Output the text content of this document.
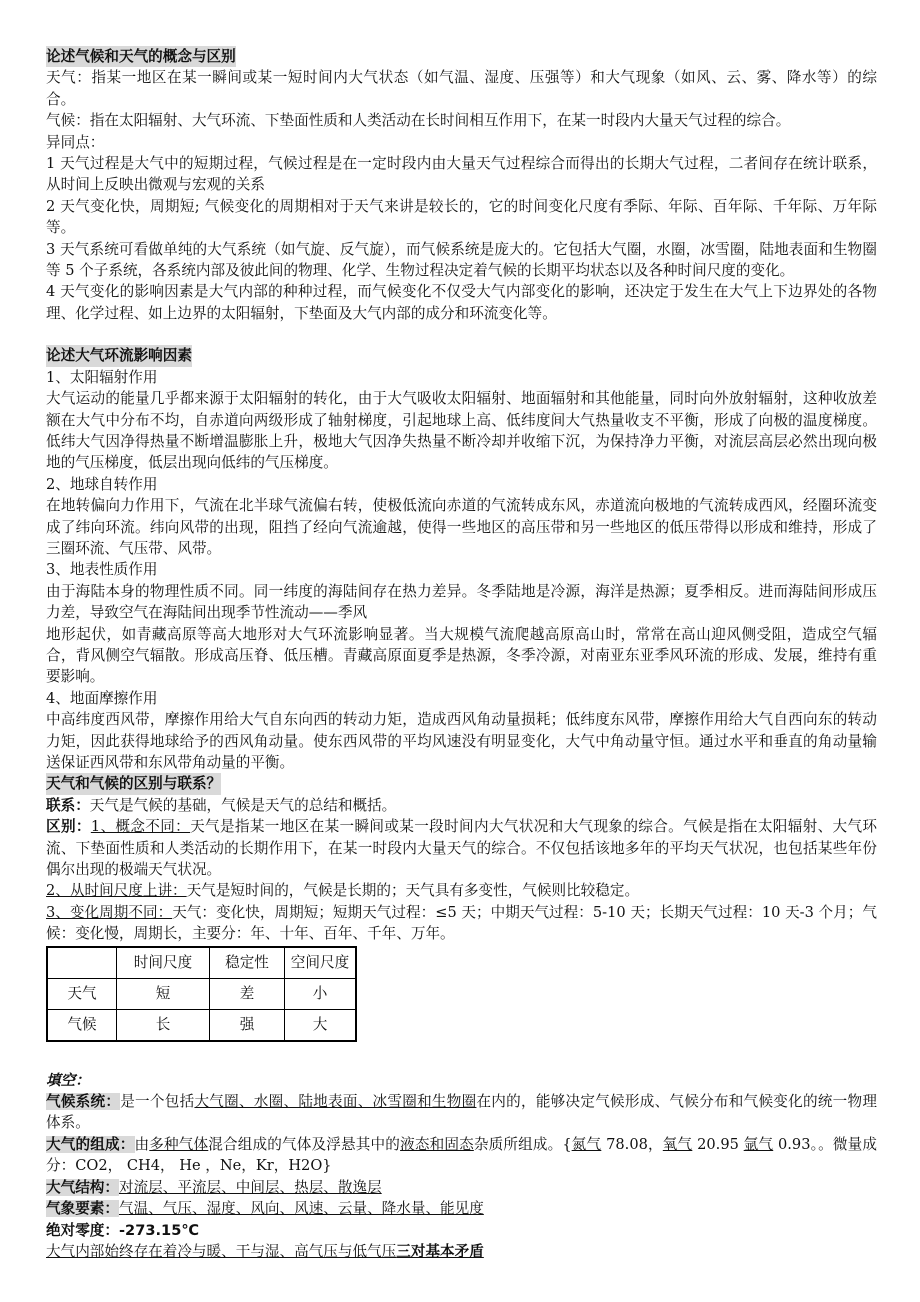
论述气候和天气的概念与区别

天气：指某一地区在某一瞬间或某一短时间内大气状态（如气温、湿度、压强等）和大气现象（如风、云、雾、降水等）的综合。

气候：指在太阳辐射、大气环流、下垫面性质和人类活动在长时间相互作用下，在某一时段内大量天气过程的综合。

异同点：

1 天气过程是大气中的短期过程，气候过程是在一定时段内由大量天气过程综合而得出的长期大气过程，二者间存在统计联系，从时间上反映出微观与宏观的关系

2 天气变化快，周期短; 气候变化的周期相对于天气来讲是较长的，它的时间变化尺度有季际、年际、百年际、千年际、万年际等。

3 天气系统可看做单纯的大气系统（如气旋、反气旋），而气候系统是庞大的。它包括大气圈，水圈，冰雪圈，陆地表面和生物圈等 5 个子系统，各系统内部及彼此间的物理、化学、生物过程决定着气候的长期平均状态以及各种时间尺度的变化。

4 天气变化的影响因素是大气内部的种种过程，而气候变化不仅受大气内部变化的影响，还决定于发生在大气上下边界处的各物理、化学过程、如上边界的太阳辐射，下垫面及大气内部的成分和环流变化等。

论述大气环流影响因素

1、太阳辐射作用

大气运动的能量几乎都来源于太阳辐射的转化，由于大气吸收太阳辐射、地面辐射和其他能量，同时向外放射辐射，这种收放差额在大气中分布不均，自赤道向两级形成了轴射梯度，引起地球上高、低纬度间大气热量收支不平衡，形成了向极的温度梯度。低纬大气因净得热量不断增温膨胀上升，极地大气因净失热量不断冷却并收缩下沉，为保持净力平衡，对流层高层必然出现向极地的气压梯度，低层出现向低纬的气压梯度。

2、地球自转作用

在地转偏向力作用下，气流在北半球气流偏右转，使极低流向赤道的气流转成东风，赤道流向极地的气流转成西风，经圈环流变成了纬向环流。纬向风带的出现，阻挡了经向气流逾越，使得一些地区的高压带和另一些地区的低压带得以形成和维持，形成了三圈环流、气压带、风带。

3、地表性质作用

由于海陆本身的物理性质不同。同一纬度的海陆间存在热力差异。冬季陆地是冷源，海洋是热源；夏季相反。进而海陆间形成压力差，导致空气在海陆间出现季节性流动——季风

地形起伏，如青藏高原等高大地形对大气环流影响显著。当大规模气流爬越高原高山时，常常在高山迎风侧受阻，造成空气辐合，背风侧空气辐散。形成高压脊、低压槽。青藏高原面夏季是热源，冬季冷源，对南亚东亚季风环流的形成、发展，维持有重要影响。

4、地面摩擦作用

中高纬度西风带，摩擦作用给大气自东向西的转动力矩，造成西风角动量损耗；低纬度东风带，摩擦作用给大气自西向东的转动力矩，因此获得地球给予的西风角动量。使东西风带的平均风速没有明显变化，大气中角动量守恒。通过水平和垂直的角动量输送保证西风带和东风带角动量的平衡。

天气和气候的区别与联系？

联系：天气是气候的基础，气候是天气的总结和概括。

区别：1、概念不同：天气是指某一地区在某一瞬间或某一段时间内大气状况和大气现象的综合。气候是指在太阳辐射、大气环流、下垫面性质和人类活动的长期作用下，在某一时段内大量天气的综合。不仅包括该地多年的平均天气状况，也包括某些年份偶尔出现的极端天气状况。

2、从时间尺度上讲：天气是短时间的，气候是长期的；天气具有多变性，气候则比较稳定。

3、变化周期不同：天气：变化快，周期短；短期天气过程：≤5 天；中期天气过程：5-10 天；长期天气过程：10 天-3 个月；气候：变化慢，周期长，主要分：年、十年、百年、千年、万年。

	时间尺度	稳定性	空间尺度
天气	短	差	小
气候	长	强	大
填空：

气候系统：是一个包括大气圈、水圈、陆地表面、冰雪圈和生物圈在内的，能够决定气候形成、气候分布和气候变化的统一物理体系。

大气的组成：由多种气体混合组成的气体及浮悬其中的液态和固态杂质所组成。{氮气 78.08，氧气 20.95 氩气 0.93。。微量成分：CO2， CH4， He ，Ne，Kr，H2O}

大气结构：对流层、平流层、中间层、热层、散逸层

气象要素：气温、气压、湿度、风向、风速、云量、降水量、能见度

绝对零度：-273.15℃

大气内部始终存在着冷与暖、干与湿、高气压与低气压三对基本矛盾
